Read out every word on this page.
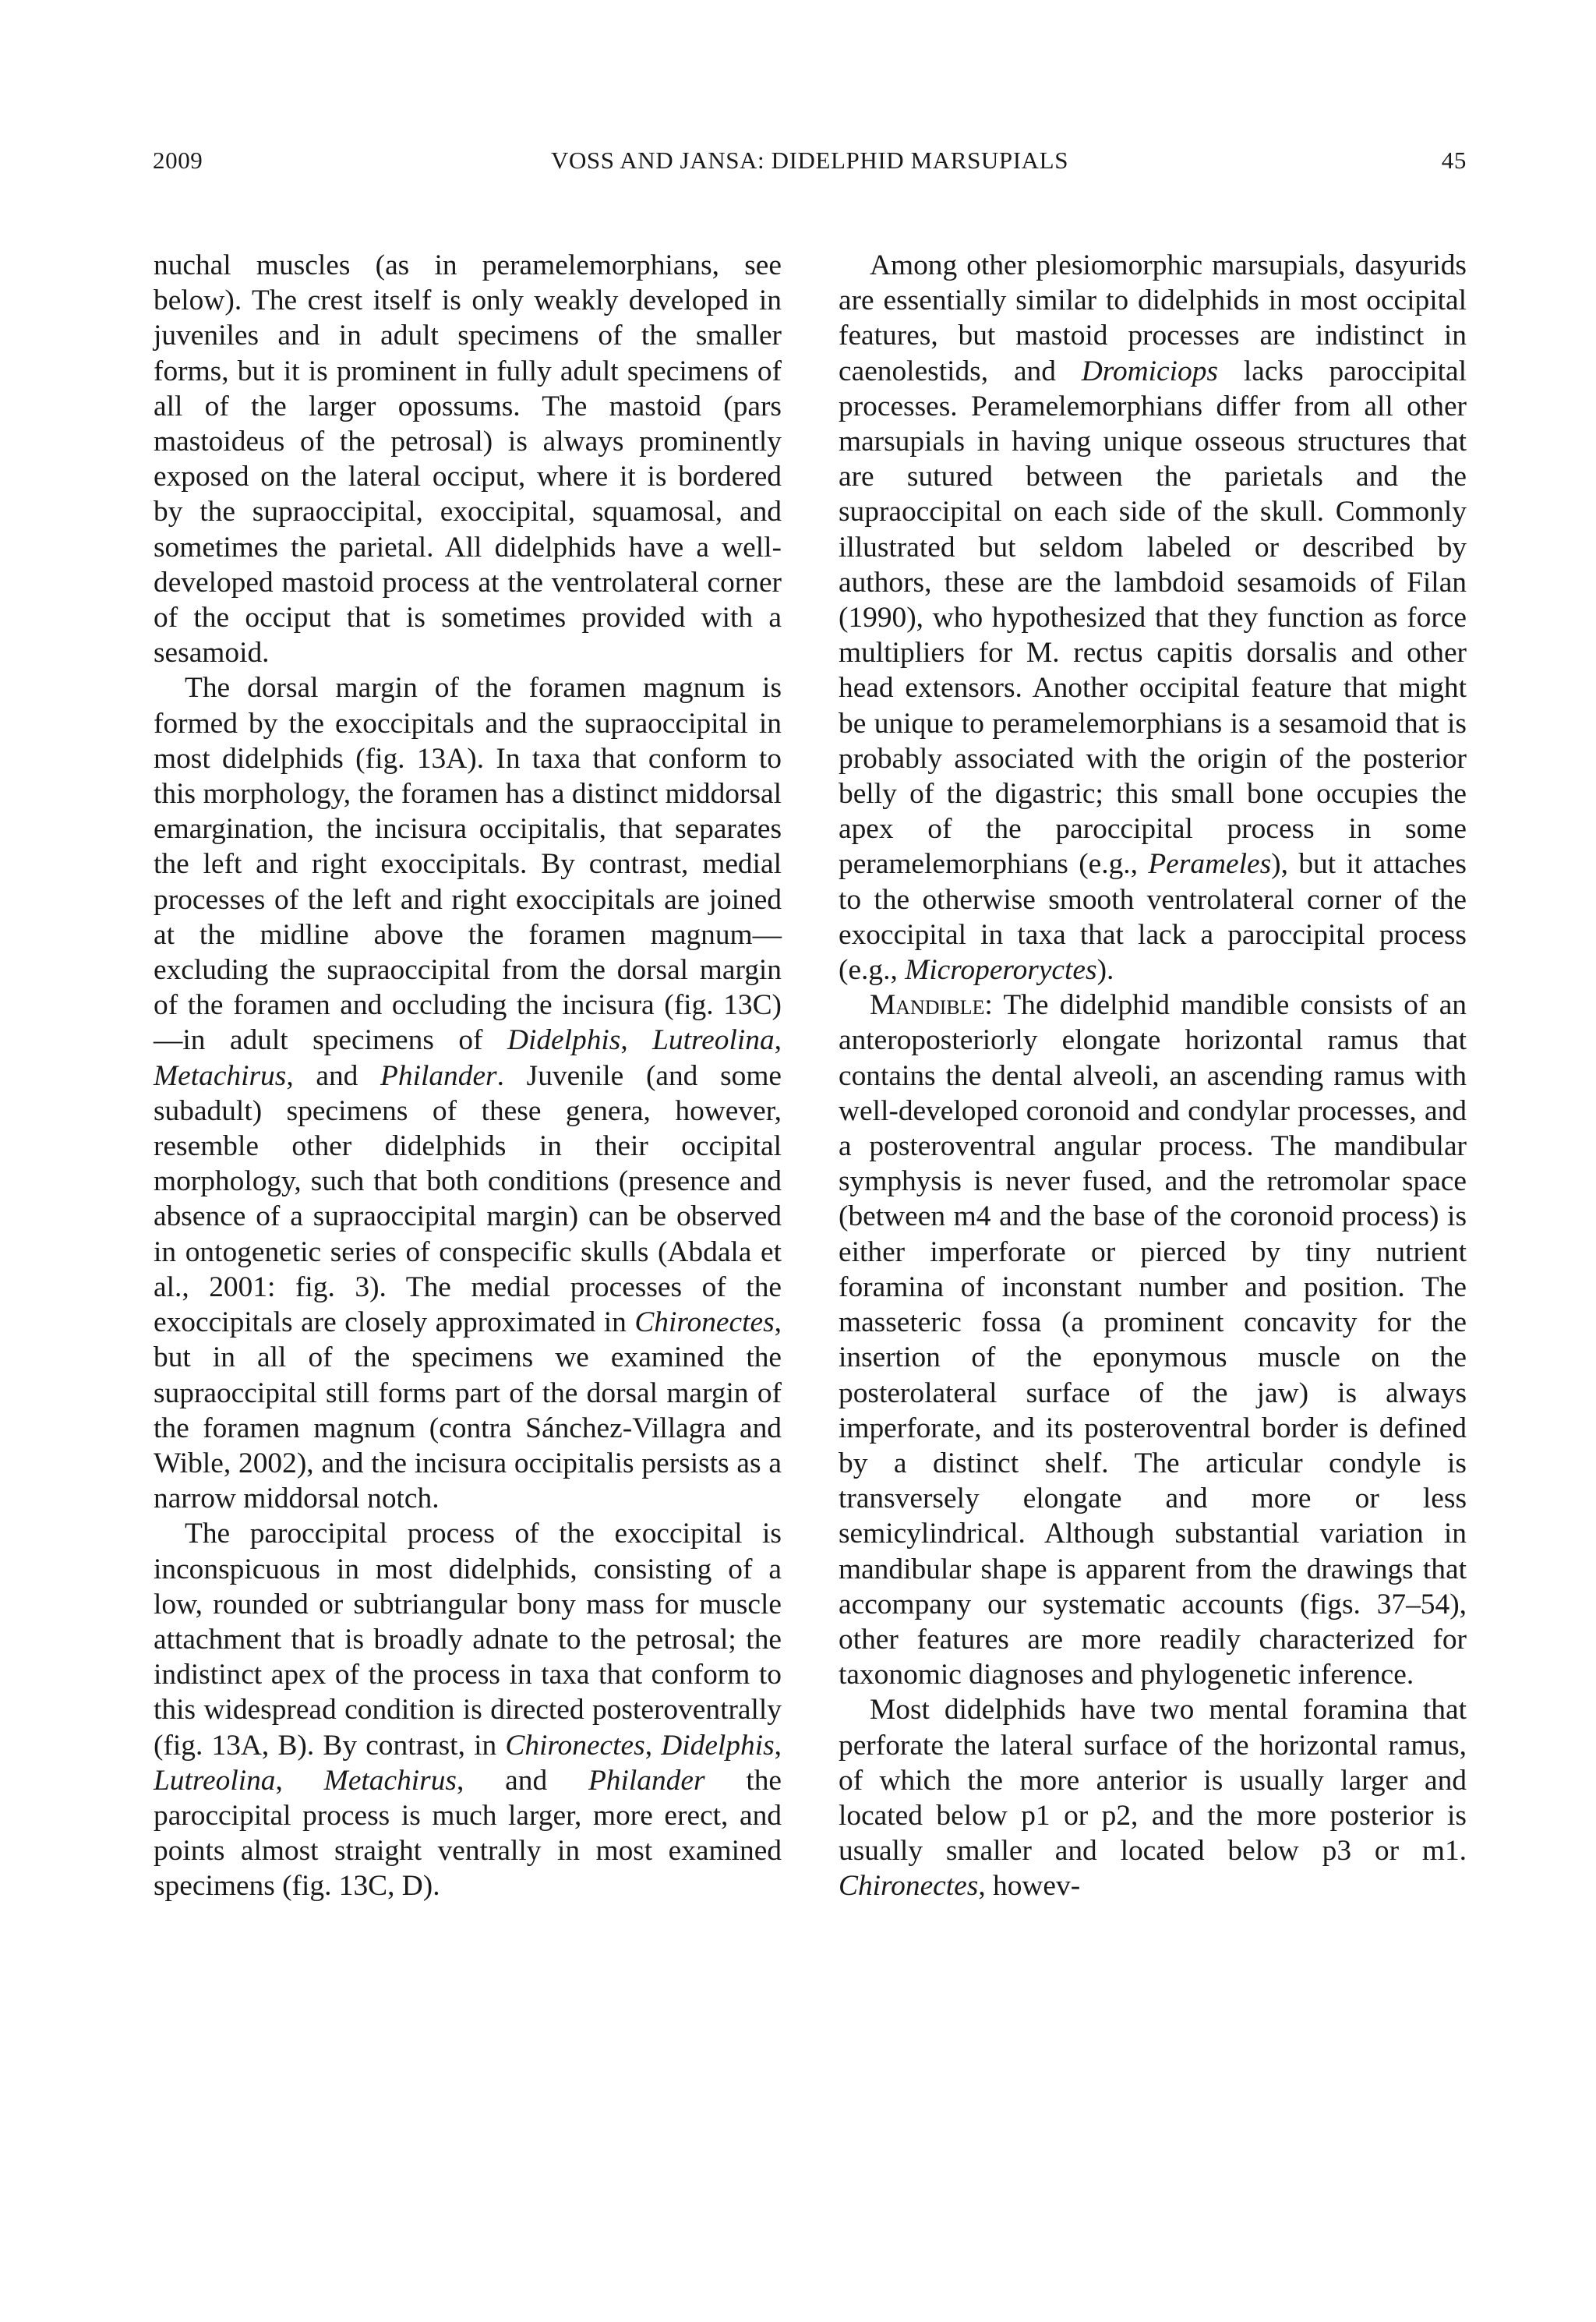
2009	VOSS AND JANSA: DIDELPHID MARSUPIALS	45

nuchal muscles (as in peramelemorphians, see below). The crest itself is only weakly developed in juveniles and in adult specimens of the smaller forms, but it is prominent in fully adult specimens of all of the larger opossums. The mastoid (pars mastoideus of the petrosal) is always prominently exposed on the lateral occiput, where it is bordered by the supraoccipital, exoccipital, squamosal, and sometimes the parietal. All didelphids have a well-developed mastoid process at the ventrolateral corner of the occiput that is sometimes provided with a sesamoid.

The dorsal margin of the foramen magnum is formed by the exoccipitals and the supraoccipital in most didelphids (fig. 13A). In taxa that conform to this morphology, the foramen has a distinct middorsal emargination, the incisura occipitalis, that separates the left and right exoccipitals. By contrast, medial processes of the left and right exoccipitals are joined at the midline above the foramen magnum—excluding the supraoccipital from the dorsal margin of the foramen and occluding the incisura (fig. 13C)—in adult specimens of Didelphis, Lutreolina, Metachirus, and Philander. Juvenile (and some subadult) specimens of these genera, however, resemble other didelphids in their occipital morphology, such that both conditions (presence and absence of a supraoccipital margin) can be observed in ontogenetic series of conspecific skulls (Abdala et al., 2001: fig. 3). The medial processes of the exoccipitals are closely approximated in Chironectes, but in all of the specimens we examined the supraoccipital still forms part of the dorsal margin of the foramen magnum (contra Sánchez-Villagra and Wible, 2002), and the incisura occipitalis persists as a narrow middorsal notch.

The paroccipital process of the exoccipital is inconspicuous in most didelphids, consisting of a low, rounded or subtriangular bony mass for muscle attachment that is broadly adnate to the petrosal; the indistinct apex of the process in taxa that conform to this widespread condition is directed posteroventrally (fig. 13A, B). By contrast, in Chironectes, Didelphis, Lutreolina, Metachirus, and Philander the paroccipital process is much larger, more erect, and points almost straight ventrally in most examined specimens (fig. 13C, D).

Among other plesiomorphic marsupials, dasyurids are essentially similar to didelphids in most occipital features, but mastoid processes are indistinct in caenolestids, and Dromiciops lacks paroccipital processes. Peramelemorphians differ from all other marsupials in having unique osseous structures that are sutured between the parietals and the supraoccipital on each side of the skull. Commonly illustrated but seldom labeled or described by authors, these are the lambdoid sesamoids of Filan (1990), who hypothesized that they function as force multipliers for M. rectus capitis dorsalis and other head extensors. Another occipital feature that might be unique to peramelemorphians is a sesamoid that is probably associated with the origin of the posterior belly of the digastric; this small bone occupies the apex of the paroccipital process in some peramelemorphians (e.g., Perameles), but it attaches to the otherwise smooth ventrolateral corner of the exoccipital in taxa that lack a paroccipital process (e.g., Microperoryctes).

Mandible: The didelphid mandible consists of an anteroposteriorly elongate horizontal ramus that contains the dental alveoli, an ascending ramus with well-developed coronoid and condylar processes, and a posteroventral angular process. The mandibular symphysis is never fused, and the retromolar space (between m4 and the base of the coronoid process) is either imperforate or pierced by tiny nutrient foramina of inconstant number and position. The masseteric fossa (a prominent concavity for the insertion of the eponymous muscle on the posterolateral surface of the jaw) is always imperforate, and its posteroventral border is defined by a distinct shelf. The articular condyle is transversely elongate and more or less semicylindrical. Although substantial variation in mandibular shape is apparent from the drawings that accompany our systematic accounts (figs. 37–54), other features are more readily characterized for taxonomic diagnoses and phylogenetic inference.

Most didelphids have two mental foramina that perforate the lateral surface of the horizontal ramus, of which the more anterior is usually larger and located below p1 or p2, and the more posterior is usually smaller and located below p3 or m1. Chironectes, howev-
